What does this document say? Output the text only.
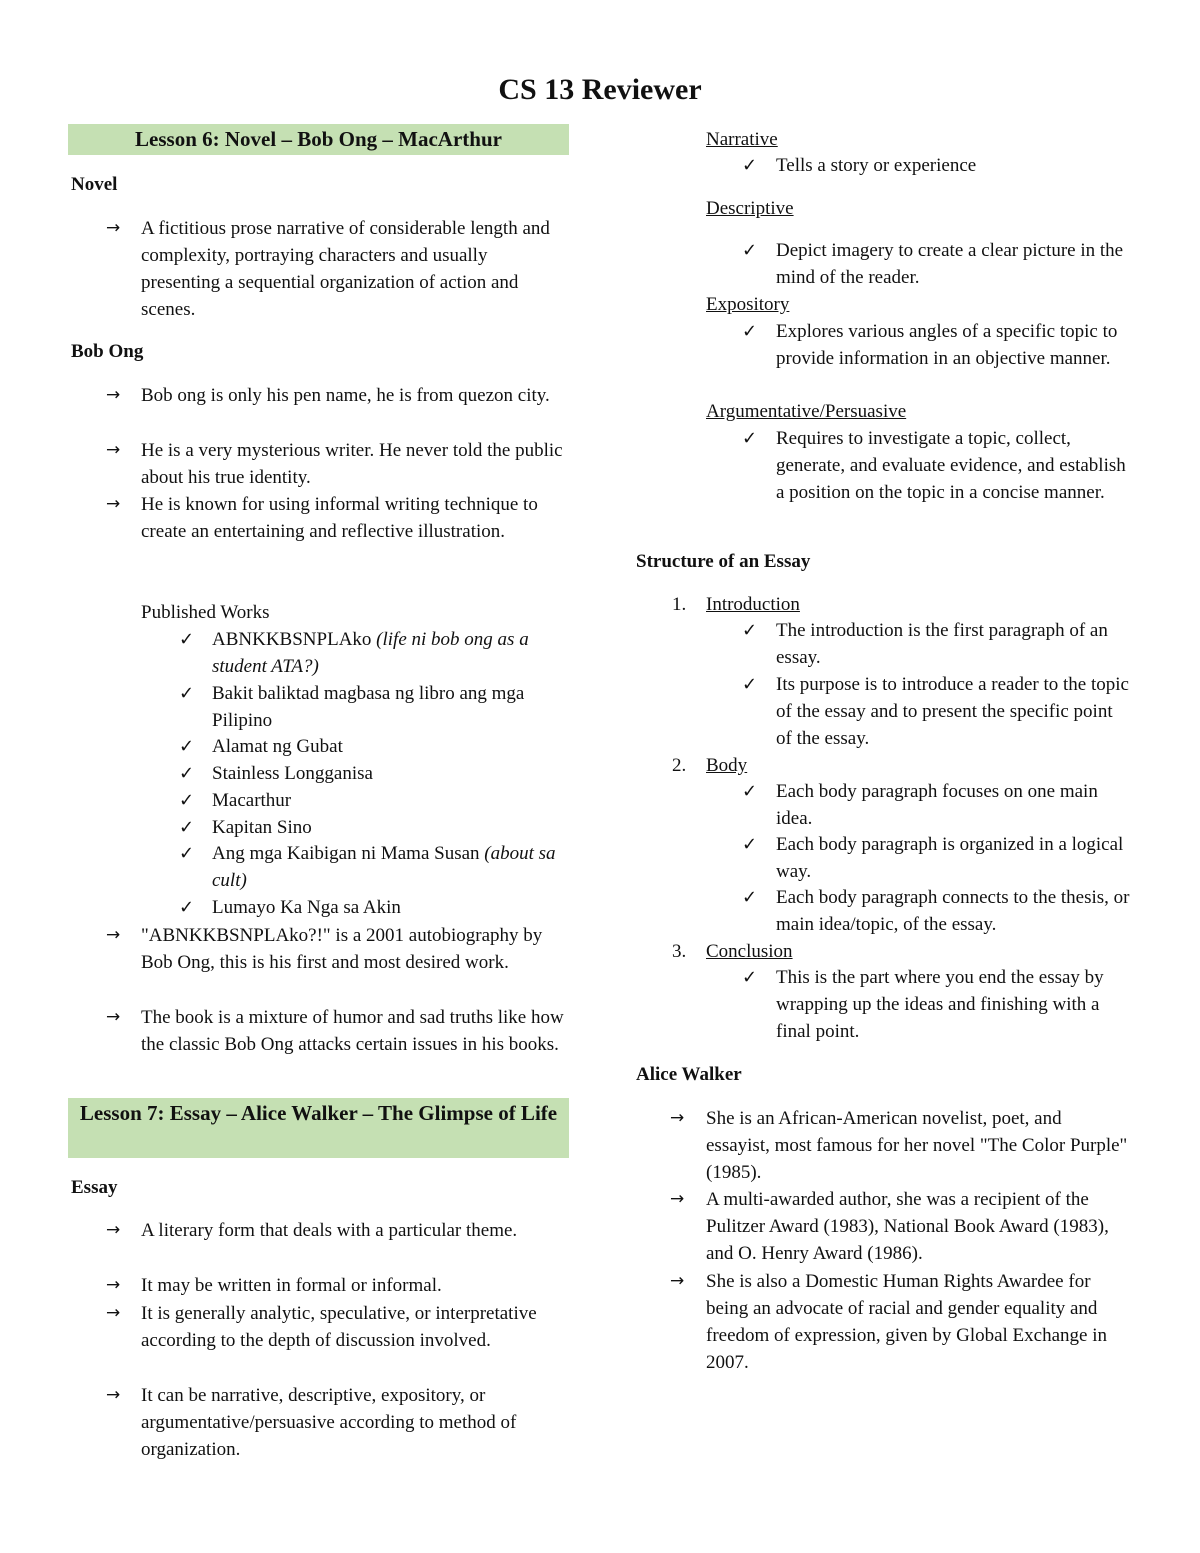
CS 13 Reviewer
Lesson 6: Novel – Bob Ong – MacArthur
Novel
→ A fictitious prose narrative of considerable length and complexity, portraying characters and usually presenting a sequential organization of action and scenes.
Bob Ong
→ Bob ong is only his pen name, he is from quezon city.
→ He is a very mysterious writer. He never told the public about his true identity.
→ He is known for using informal writing technique to create an entertaining and reflective illustration.
Published Works
✓ ABNKKBSNPLAko (life ni bob ong as a student ATA?)
✓ Bakit baliktad magbasa ng libro ang mga Pilipino
✓ Alamat ng Gubat
✓ Stainless Longganisa
✓ Macarthur
✓ Kapitan Sino
✓ Ang mga Kaibigan ni Mama Susan (about sa cult)
✓ Lumayo Ka Nga sa Akin
→ "ABNKKBSNPLAko?!" is a 2001 autobiography by Bob Ong, this is his first and most desired work.
→ The book is a mixture of humor and sad truths like how the classic Bob Ong attacks certain issues in his books.
Lesson 7: Essay – Alice Walker – The Glimpse of Life
Essay
→ A literary form that deals with a particular theme.
→ It may be written in formal or informal.
→ It is generally analytic, speculative, or interpretative according to the depth of discussion involved.
→ It can be narrative, descriptive, expository, or argumentative/persuasive according to method of organization.
Narrative
✓ Tells a story or experience
Descriptive
✓ Depict imagery to create a clear picture in the mind of the reader.
Expository
✓ Explores various angles of a specific topic to provide information in an objective manner.
Argumentative/Persuasive
✓ Requires to investigate a topic, collect, generate, and evaluate evidence, and establish a position on the topic in a concise manner.
Structure of an Essay
1. Introduction
✓ The introduction is the first paragraph of an essay.
✓ Its purpose is to introduce a reader to the topic of the essay and to present the specific point of the essay.
2. Body
✓ Each body paragraph focuses on one main idea.
✓ Each body paragraph is organized in a logical way.
✓ Each body paragraph connects to the thesis, or main idea/topic, of the essay.
3. Conclusion
✓ This is the part where you end the essay by wrapping up the ideas and finishing with a final point.
Alice Walker
→ She is an African-American novelist, poet, and essayist, most famous for her novel "The Color Purple" (1985).
→ A multi-awarded author, she was a recipient of the Pulitzer Award (1983), National Book Award (1983), and O. Henry Award (1986).
→ She is also a Domestic Human Rights Awardee for being an advocate of racial and gender equality and freedom of expression, given by Global Exchange in 2007.
